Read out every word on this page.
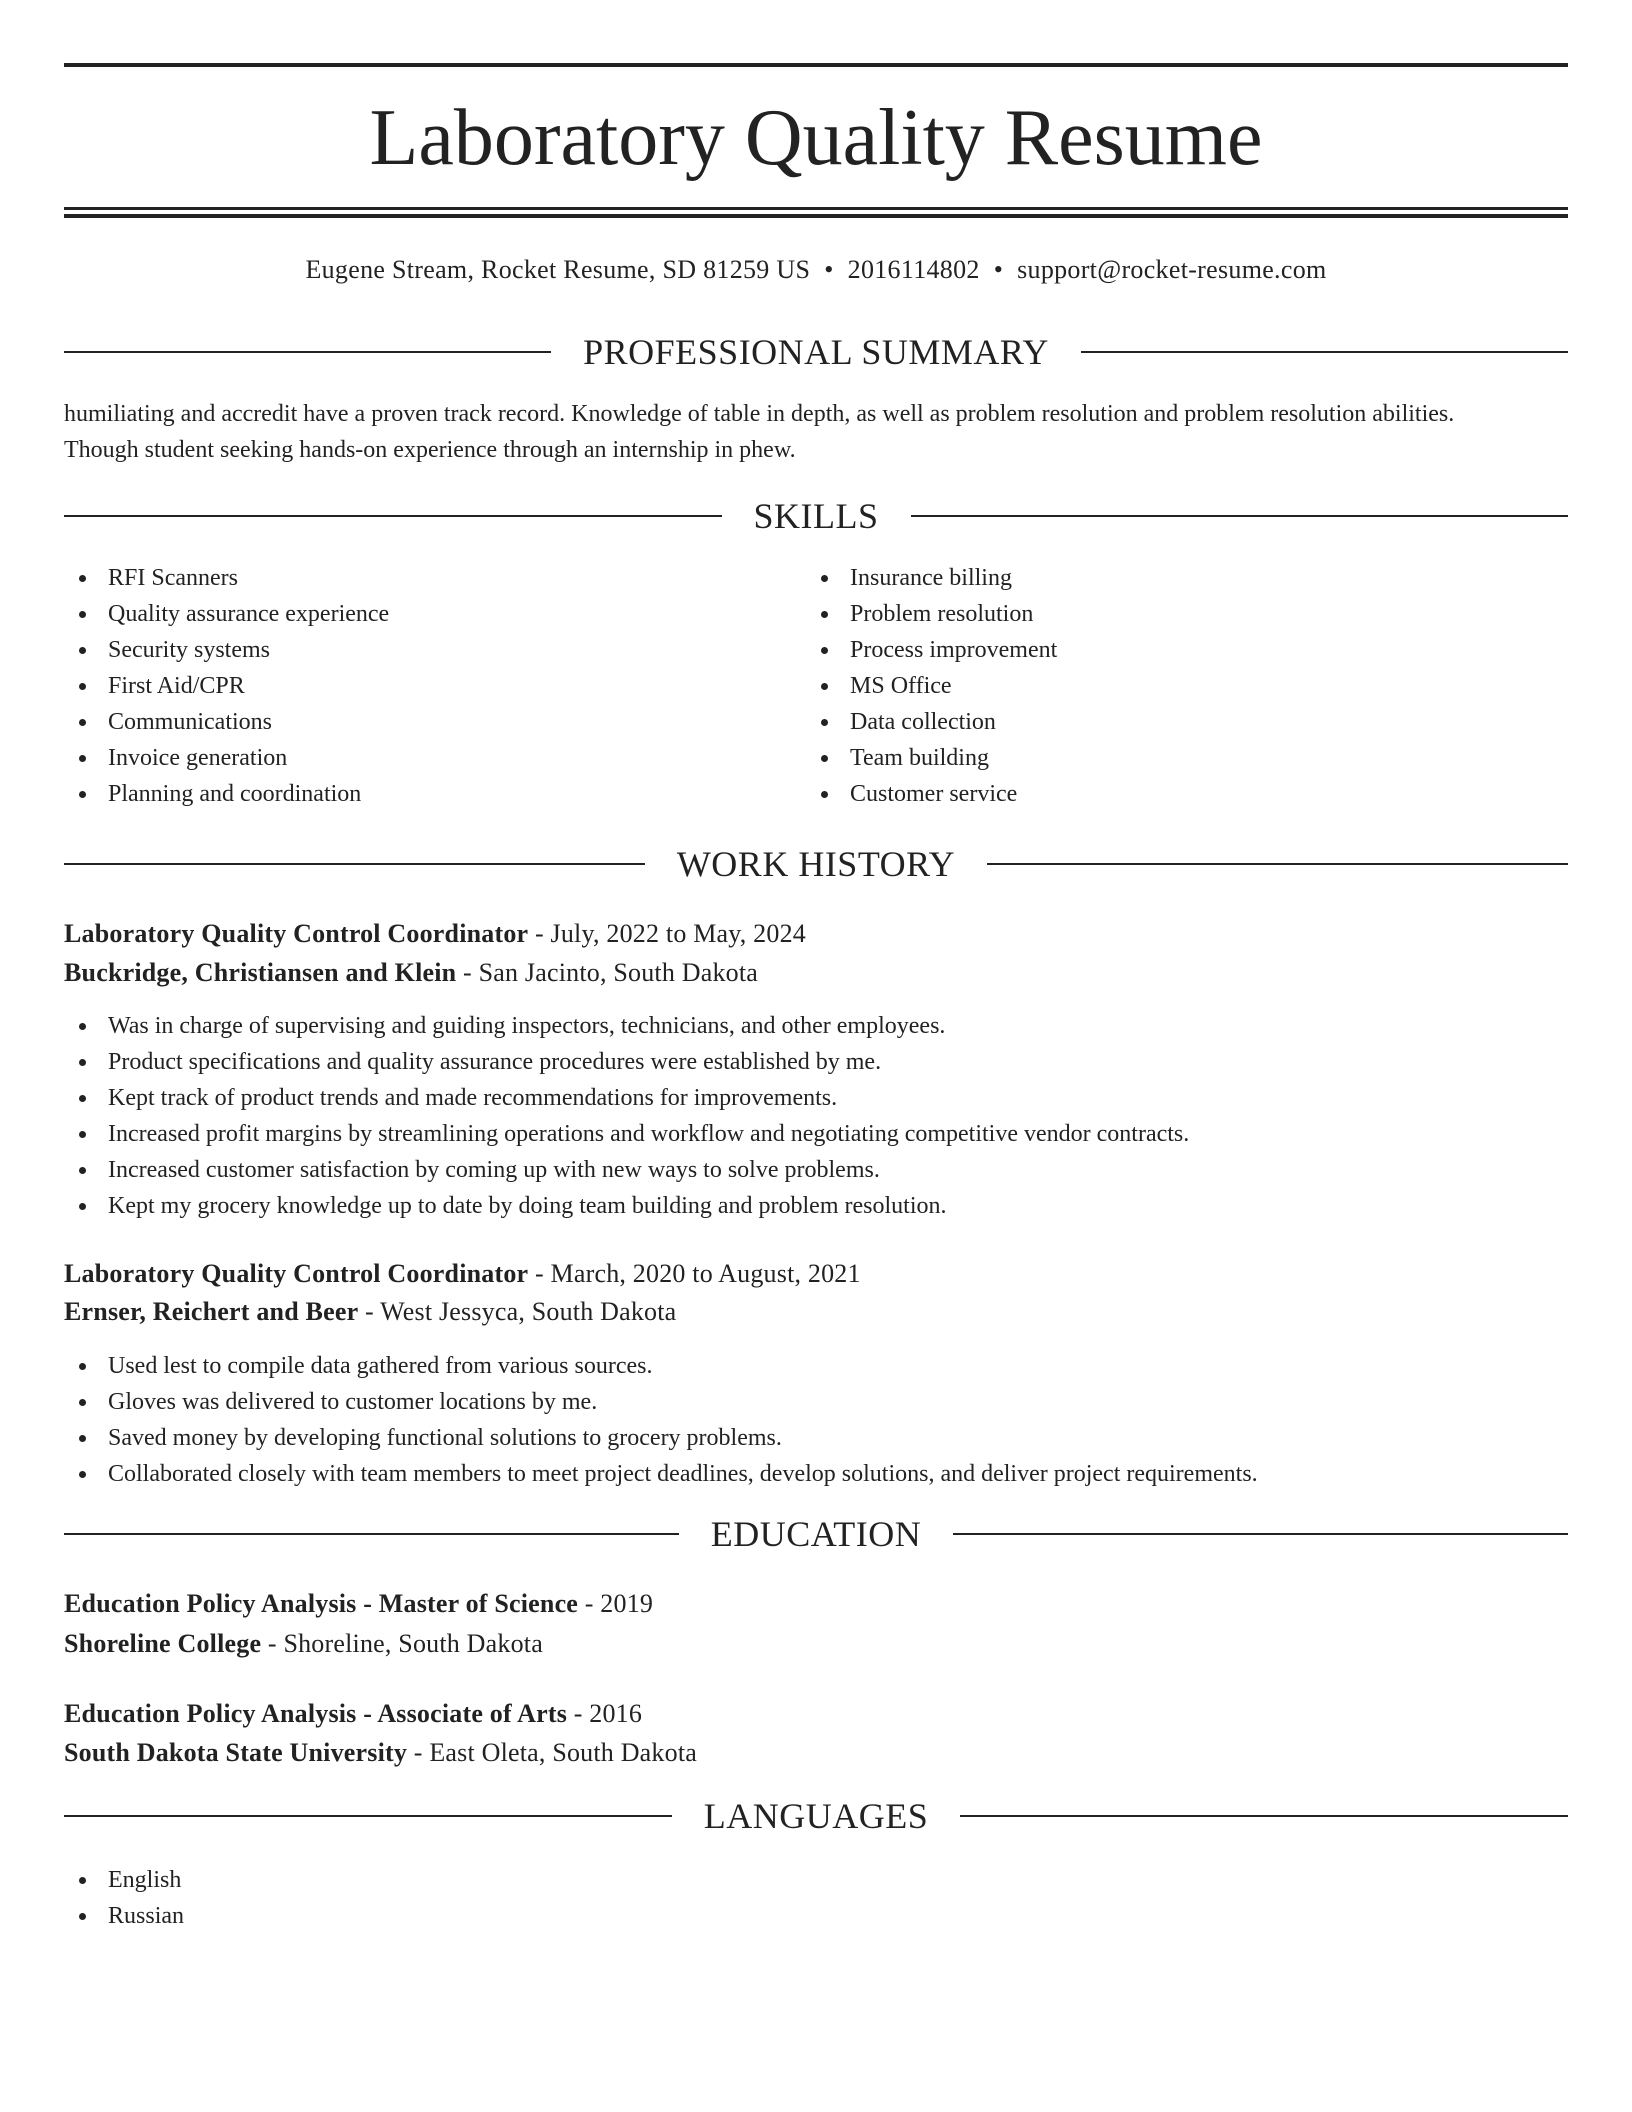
Laboratory Quality Resume
Eugene Stream, Rocket Resume, SD 81259 US • 2016114802 • support@rocket-resume.com
PROFESSIONAL SUMMARY
humiliating and accredit have a proven track record. Knowledge of table in depth, as well as problem resolution and problem resolution abilities.
Though student seeking hands-on experience through an internship in phew.
SKILLS
RFI Scanners
Quality assurance experience
Security systems
First Aid/CPR
Communications
Invoice generation
Planning and coordination
Insurance billing
Problem resolution
Process improvement
MS Office
Data collection
Team building
Customer service
WORK HISTORY
Laboratory Quality Control Coordinator - July, 2022 to May, 2024
Buckridge, Christiansen and Klein - San Jacinto, South Dakota
Was in charge of supervising and guiding inspectors, technicians, and other employees.
Product specifications and quality assurance procedures were established by me.
Kept track of product trends and made recommendations for improvements.
Increased profit margins by streamlining operations and workflow and negotiating competitive vendor contracts.
Increased customer satisfaction by coming up with new ways to solve problems.
Kept my grocery knowledge up to date by doing team building and problem resolution.
Laboratory Quality Control Coordinator - March, 2020 to August, 2021
Ernser, Reichert and Beer - West Jessyca, South Dakota
Used lest to compile data gathered from various sources.
Gloves was delivered to customer locations by me.
Saved money by developing functional solutions to grocery problems.
Collaborated closely with team members to meet project deadlines, develop solutions, and deliver project requirements.
EDUCATION
Education Policy Analysis - Master of Science - 2019
Shoreline College - Shoreline, South Dakota
Education Policy Analysis - Associate of Arts - 2016
South Dakota State University - East Oleta, South Dakota
LANGUAGES
English
Russian
